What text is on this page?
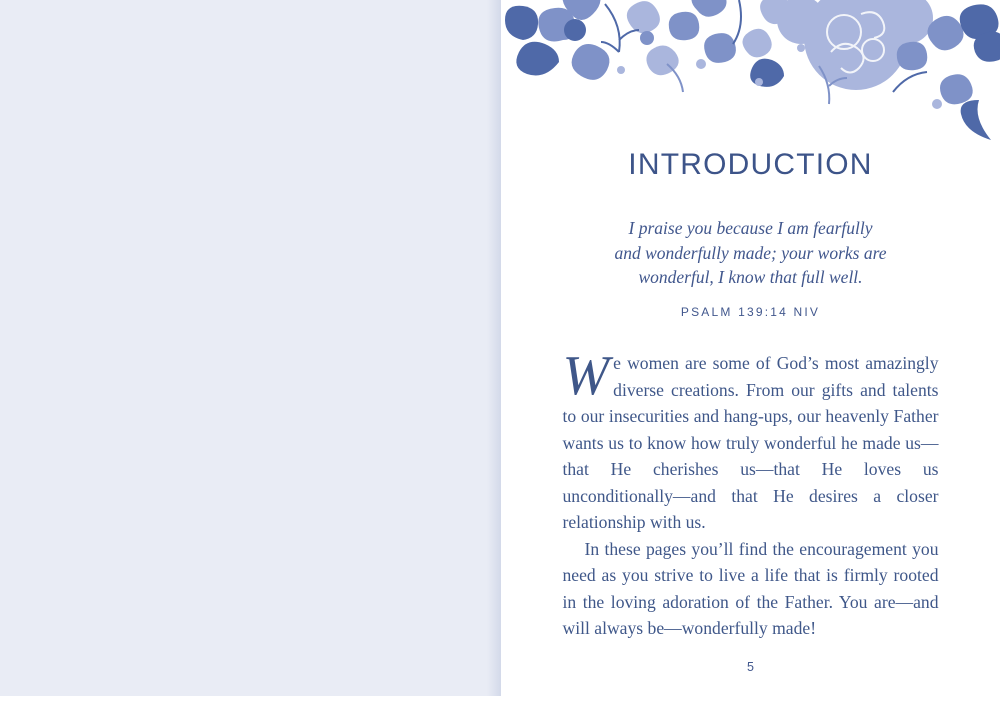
INTRODUCTION
I praise you because I am fearfully
and wonderfully made; your works are
wonderful, I know that full well.
PSALM 139:14 NIV

We women are some of God’s most amazingly diverse creations. From our gifts and talents to our insecurities and hang-ups, our heavenly Father wants us to know how truly wonderful he made us—that He cherishes us—that He loves us unconditionally—and that He desires a closer relationship with us.

In these pages you’ll find the encouragement you need as you strive to live a life that is firmly rooted in the loving adoration of the Father. You are—and will always be—wonderfully made!

5
